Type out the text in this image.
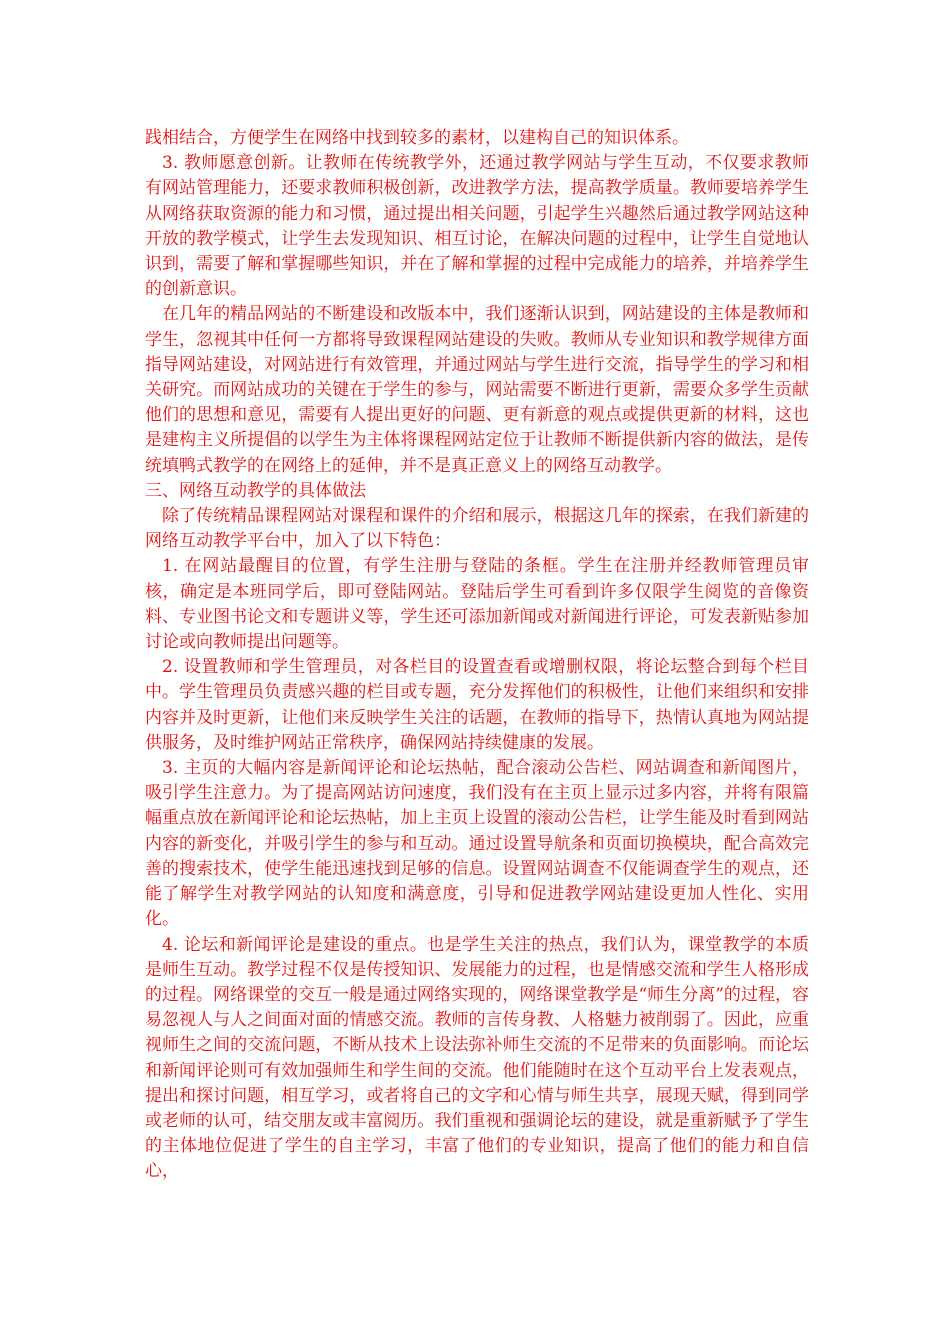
践相结合，方便学生在网络中找到较多的素材，以建构自己的知识体系。

3. 教师愿意创新。让教师在传统教学外，还通过教学网站与学生互动，不仅要求教师有网站管理能力，还要求教师积极创新，改进教学方法，提高教学质量。教师要培养学生从网络获取资源的能力和习惯，通过提出相关问题，引起学生兴趣然后通过教学网站这种开放的教学模式，让学生去发现知识、相互讨论，在解决问题的过程中，让学生自觉地认识到，需要了解和掌握哪些知识，并在了解和掌握的过程中完成能力的培养，并培养学生的创新意识。

在几年的精品网站的不断建设和改版本中，我们逐渐认识到，网站建设的主体是教师和学生，忽视其中任何一方都将导致课程网站建设的失败。教师从专业知识和教学规律方面指导网站建设，对网站进行有效管理，并通过网站与学生进行交流，指导学生的学习和相关研究。而网站成功的关键在于学生的参与，网站需要不断进行更新，需要众多学生贡献他们的思想和意见，需要有人提出更好的问题、更有新意的观点或提供更新的材料，这也是建构主义所提倡的以学生为主体将课程网站定位于让教师不断提供新内容的做法，是传统填鸭式教学的在网络上的延伸，并不是真正意义上的网络互动教学。

三、网络互动教学的具体做法

除了传统精品课程网站对课程和课件的介绍和展示，根据这几年的探索，在我们新建的网络互动教学平台中，加入了以下特色：

1. 在网站最醒目的位置，有学生注册与登陆的条框。学生在注册并经教师管理员审核，确定是本班同学后，即可登陆网站。登陆后学生可看到许多仅限学生阅览的音像资料、专业图书论文和专题讲义等，学生还可添加新闻或对新闻进行评论，可发表新贴参加讨论或向教师提出问题等。

2. 设置教师和学生管理员，对各栏目的设置查看或增删权限，将论坛整合到每个栏目中。学生管理员负责感兴趣的栏目或专题，充分发挥他们的积极性，让他们来组织和安排内容并及时更新，让他们来反映学生关注的话题，在教师的指导下，热情认真地为网站提供服务，及时维护网站正常秩序，确保网站持续健康的发展。

3. 主页的大幅内容是新闻评论和论坛热帖，配合滚动公告栏、网站调查和新闻图片，吸引学生注意力。为了提高网站访问速度，我们没有在主页上显示过多内容，并将有限篇幅重点放在新闻评论和论坛热帖，加上主页上设置的滚动公告栏，让学生能及时看到网站内容的新变化，并吸引学生的参与和互动。通过设置导航条和页面切换模块，配合高效完善的搜索技术，使学生能迅速找到足够的信息。设置网站调查不仅能调查学生的观点，还能了解学生对教学网站的认知度和满意度，引导和促进教学网站建设更加人性化、实用化。

4. 论坛和新闻评论是建设的重点。也是学生关注的热点，我们认为，课堂教学的本质是师生互动。教学过程不仅是传授知识、发展能力的过程，也是情感交流和学生人格形成的过程。网络课堂的交互一般是通过网络实现的，网络课堂教学是“师生分离”的过程，容易忽视人与人之间面对面的情感交流。教师的言传身教、人格魅力被削弱了。因此，应重视师生之间的交流问题，不断从技术上设法弥补师生交流的不足带来的负面影响。而论坛和新闻评论则可有效加强师生和学生间的交流。他们能随时在这个互动平台上发表观点，提出和探讨问题，相互学习，或者将自己的文字和心情与师生共享，展现天赋，得到同学或老师的认可，结交朋友或丰富阅历。我们重视和强调论坛的建设，就是重新赋予了学生的主体地位促进了学生的自主学习，丰富了他们的专业知识，提高了他们的能力和自信心，
